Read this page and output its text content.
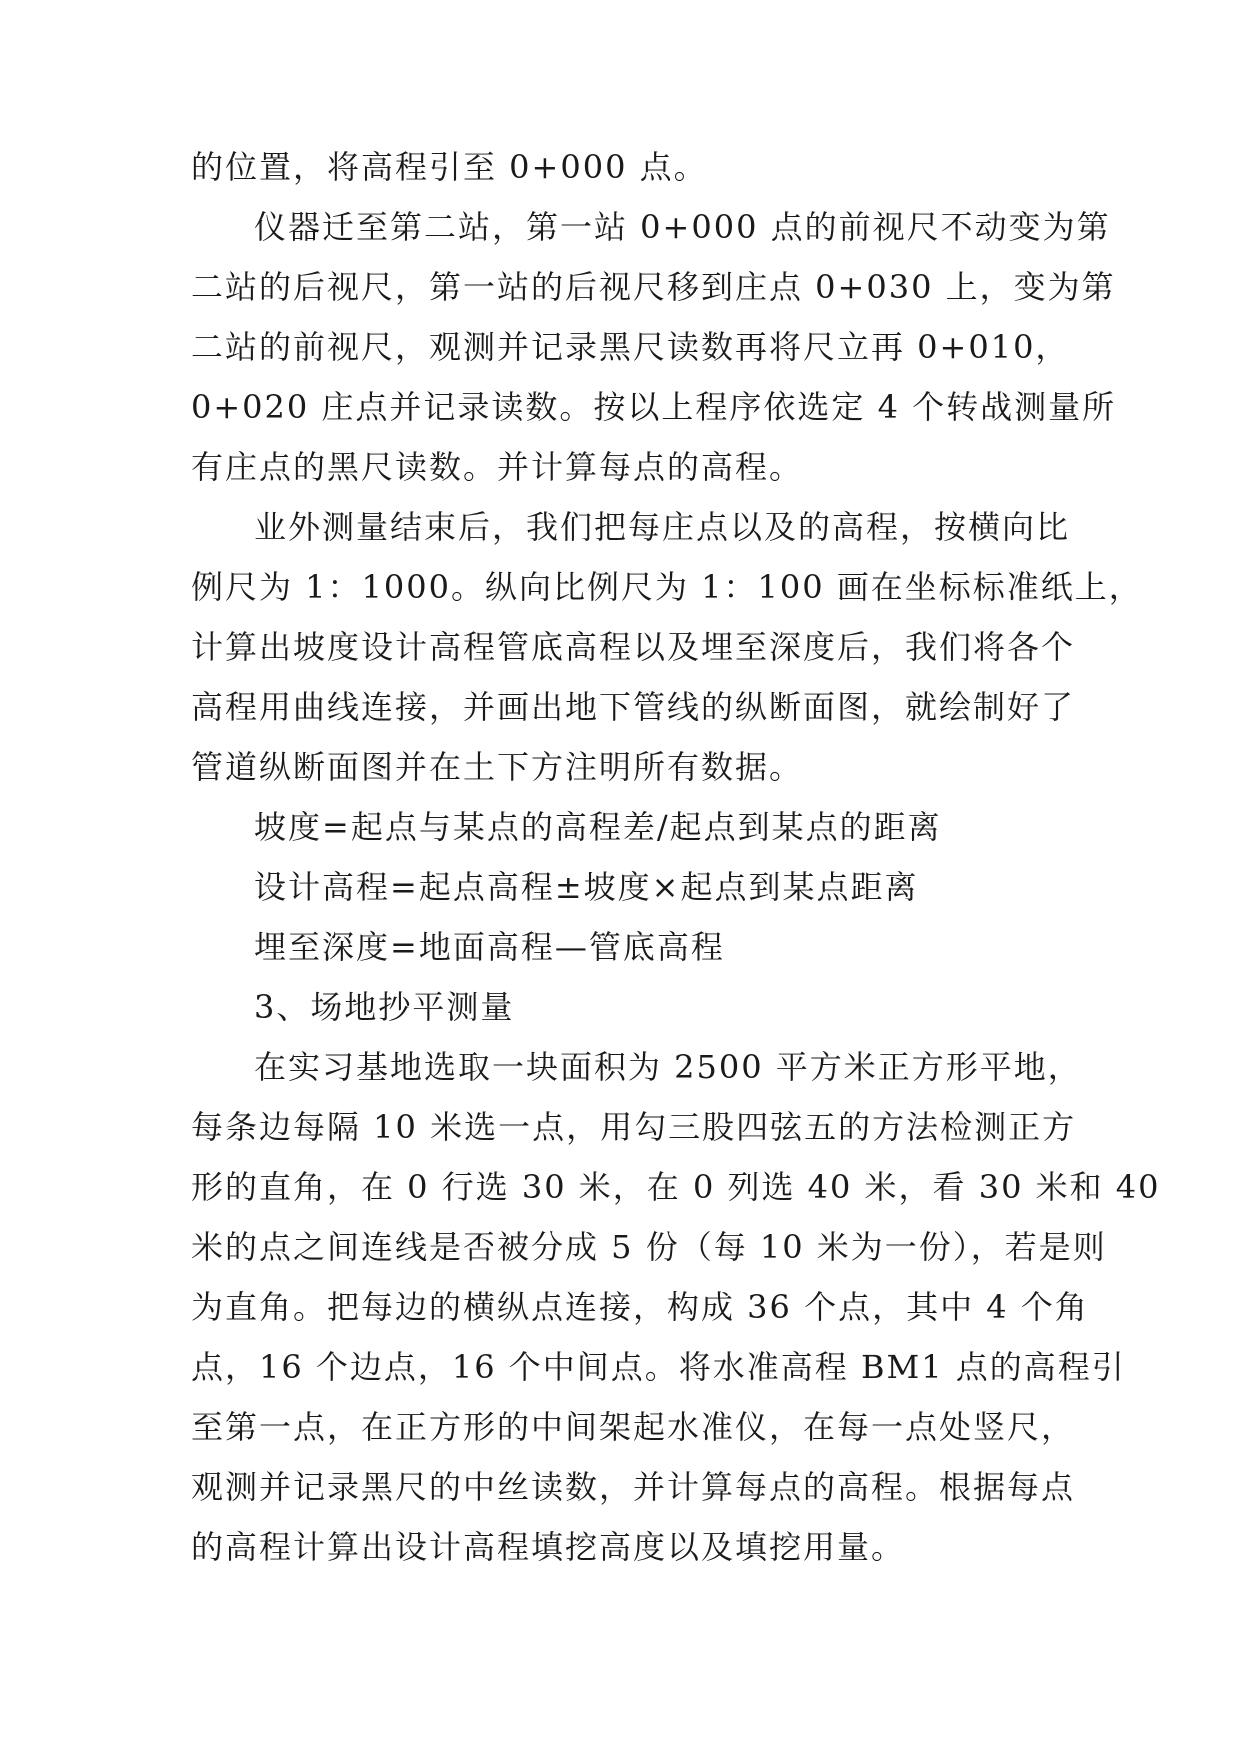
的位置，将高程引至 0+000 点。
仪器迁至第二站，第一站 0+000 点的前视尺不动变为第
二站的后视尺，第一站的后视尺移到庄点 0+030 上，变为第
二站的前视尺，观测并记录黑尺读数再将尺立再 0+010，
0+020 庄点并记录读数。按以上程序依选定 4 个转战测量所
有庄点的黑尺读数。并计算每点的高程。
业外测量结束后，我们把每庄点以及的高程，按横向比
例尺为 1：1000。纵向比例尺为 1：100 画在坐标标准纸上，
计算出坡度设计高程管底高程以及埋至深度后，我们将各个
高程用曲线连接，并画出地下管线的纵断面图，就绘制好了
管道纵断面图并在土下方注明所有数据。
坡度=起点与某点的高程差/起点到某点的距离
设计高程=起点高程±坡度×起点到某点距离
埋至深度=地面高程—管底高程
3、场地抄平测量
在实习基地选取一块面积为 2500 平方米正方形平地，
每条边每隔 10 米选一点，用勾三股四弦五的方法检测正方
形的直角，在 0 行选 30 米，在 0 列选 40 米，看 30 米和 40
米的点之间连线是否被分成 5 份（每 10 米为一份），若是则
为直角。把每边的横纵点连接，构成 36 个点，其中 4 个角
点，16 个边点，16 个中间点。将水准高程 BM1 点的高程引
至第一点，在正方形的中间架起水准仪，在每一点处竖尺，
观测并记录黑尺的中丝读数，并计算每点的高程。根据每点
的高程计算出设计高程填挖高度以及填挖用量。
